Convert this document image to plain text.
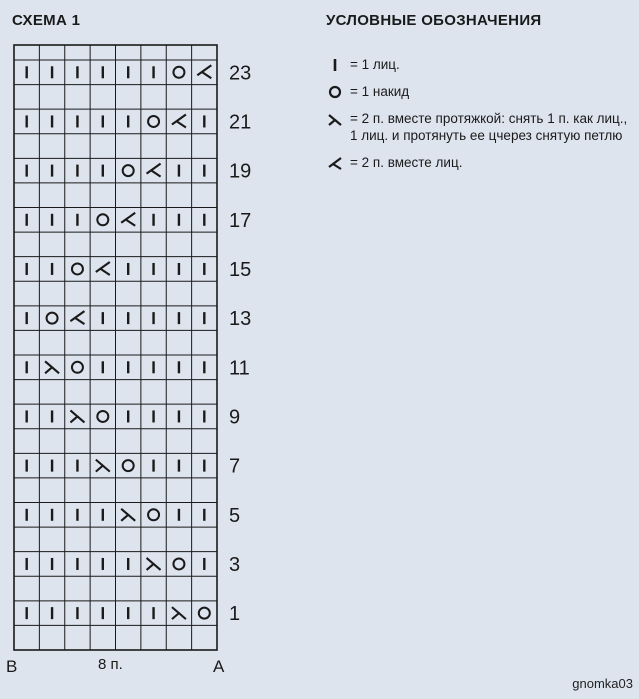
СХЕМА 1	УСЛОВНЫЕ ОБОЗНАЧЕНИЯ
23
21
19
17
15
13
11
9
7
5
3
1
= 1 лиц.
= 1 накид
= 2 п. вместе протяжкой: снять 1 п. как лиц., 1 лиц. и протянуть ее цчерез снятую петлю
= 2 п. вместе лиц.
B	A
8 п.
gnomka03
